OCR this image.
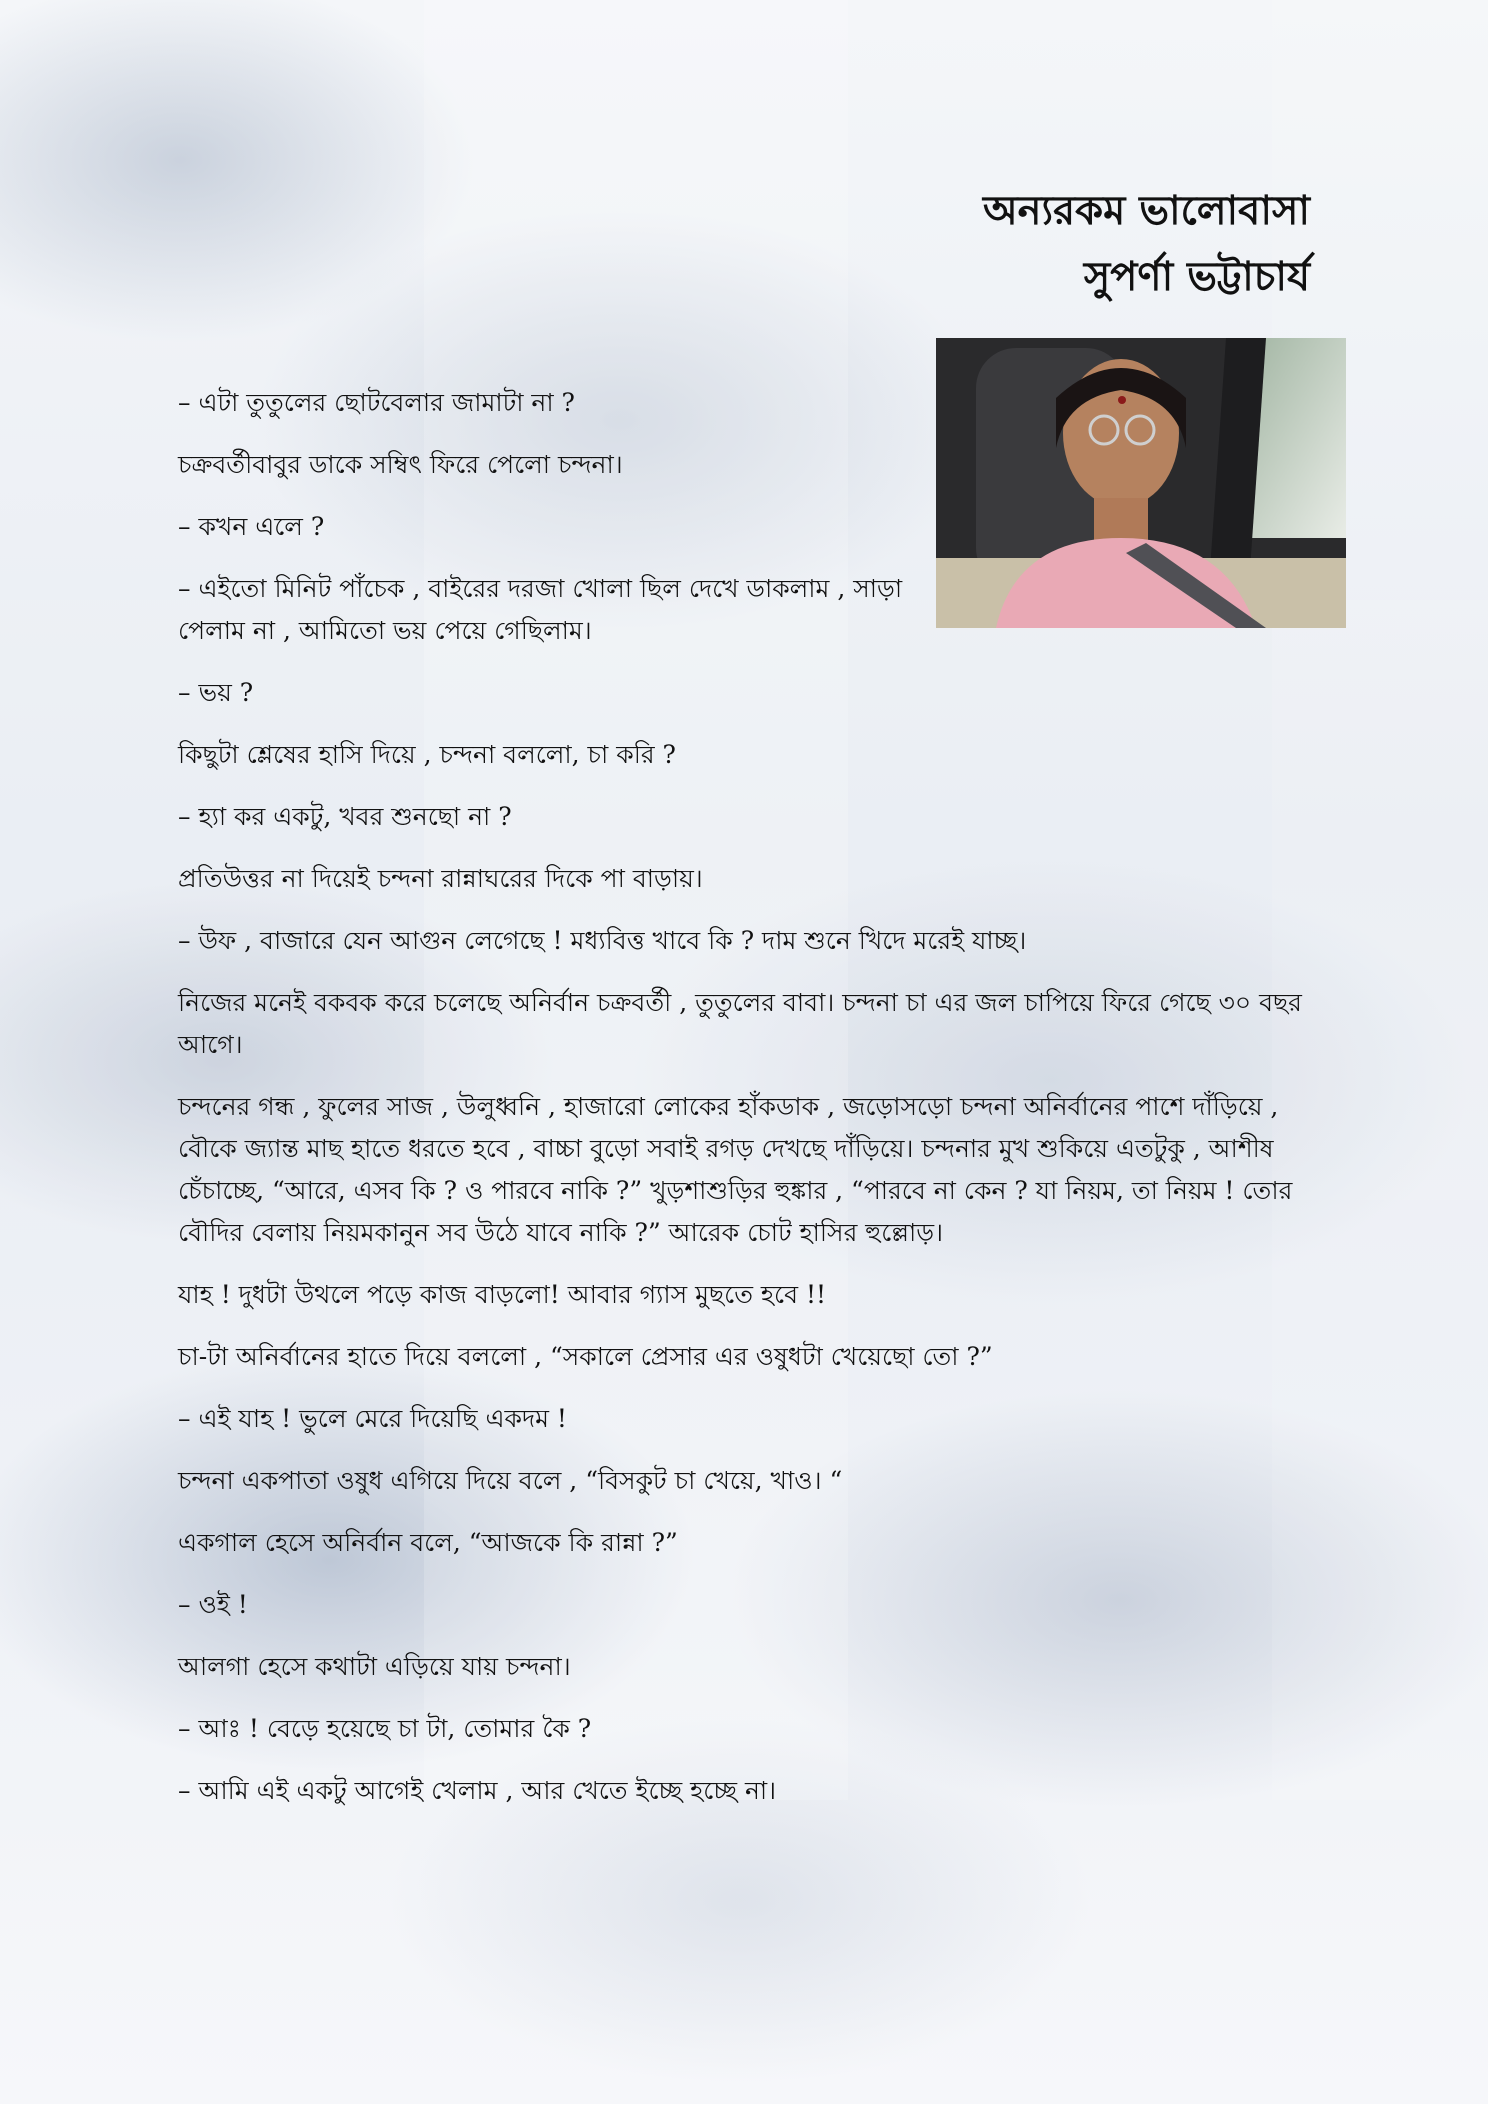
অন্যরকম ভালোবাসা
সুপর্ণা ভট্টাচার্য

– এটা তুতুলের ছোটবেলার জামাটা না ?

চক্রবর্তীবাবুর ডাকে সম্বিৎ ফিরে পেলো চন্দনা।

– কখন এলে ?

– এইতো মিনিট পাঁচেক , বাইরের দরজা খোলা ছিল দেখে ডাকলাম , সাড়া পেলাম না , আমিতো ভয় পেয়ে গেছিলাম।

– ভয় ?

কিছুটা শ্লেষের হাসি দিয়ে , চন্দনা বললো, চা করি ?

– হ্যা কর একটু, খবর শুনছো না ?

প্রতিউত্তর না দিয়েই চন্দনা রান্নাঘরের দিকে পা বাড়ায়।

– উফ , বাজারে যেন আগুন লেগেছে ! মধ্যবিত্ত খাবে কি ? দাম শুনে খিদে মরেই যাচ্ছ।

নিজের মনেই বকবক করে চলেছে অনির্বান চক্রবর্তী , তুতুলের বাবা। চন্দনা চা এর জল চাপিয়ে ফিরে গেছে ৩০ বছর আগে।

চন্দনের গন্ধ , ফুলের সাজ , উলুধ্বনি , হাজারো লোকের হাঁকডাক , জড়োসড়ো চন্দনা অনির্বানের পাশে দাঁড়িয়ে , বৌকে জ্যান্ত মাছ হাতে ধরতে হবে , বাচ্চা বুড়ো সবাই রগড় দেখছে দাঁড়িয়ে। চন্দনার মুখ শুকিয়ে এতটুকু , আশীষ চেঁচাচ্ছে, “আরে, এসব কি ? ও পারবে নাকি ?” খুড়শাশুড়ির হুঙ্কার , “পারবে না কেন ? যা নিয়ম, তা নিয়ম ! তোর বৌদির বেলায় নিয়মকানুন সব উঠে যাবে নাকি ?” আরেক চোট হাসির হুল্লোড়।

যাহ ! দুধটা উথলে পড়ে কাজ বাড়লো! আবার গ্যাস মুছতে হবে !!

চা-টা অনির্বানের হাতে দিয়ে বললো , “সকালে প্রেসার এর ওষুধটা খেয়েছো তো ?”

– এই যাহ ! ভুলে মেরে দিয়েছি একদম !

চন্দনা একপাতা ওষুধ এগিয়ে দিয়ে বলে , “বিসকুট চা খেয়ে, খাও। “

একগাল হেসে অনির্বান বলে, “আজকে কি রান্না ?”

– ওই !

আলগা হেসে কথাটা এড়িয়ে যায় চন্দনা।

– আঃ ! বেড়ে হয়েছে চা টা, তোমার কৈ ?

– আমি এই একটু আগেই খেলাম , আর খেতে ইচ্ছে হচ্ছে না।
